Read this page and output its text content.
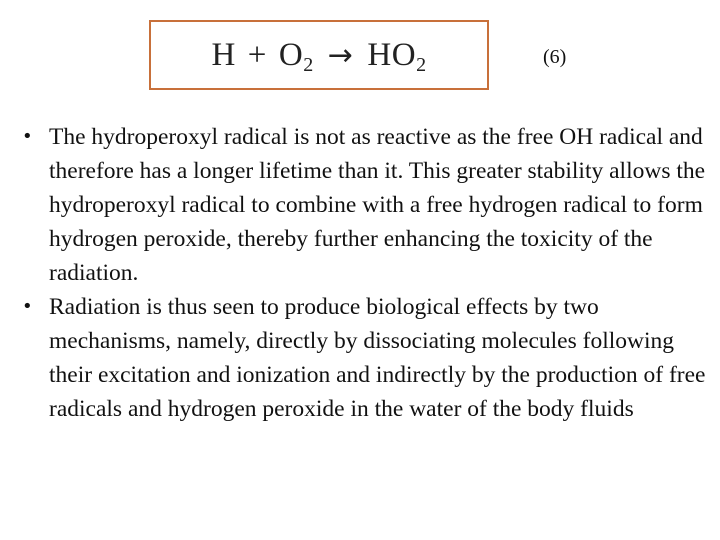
$H + O_2 \to HO_2$	(6)
• The hydroperoxyl radical is not as reactive as the free OH radical and therefore has a longer lifetime than it. This greater stability allows the hydroperoxyl radical to combine with a free hydrogen radical to form hydrogen peroxide, thereby further enhancing the toxicity of the radiation.
• Radiation is thus seen to produce biological effects by two mechanisms, namely, directly by dissociating molecules following their excitation and ionization and indirectly by the production of free radicals and hydrogen peroxide in the water of the body fluids
